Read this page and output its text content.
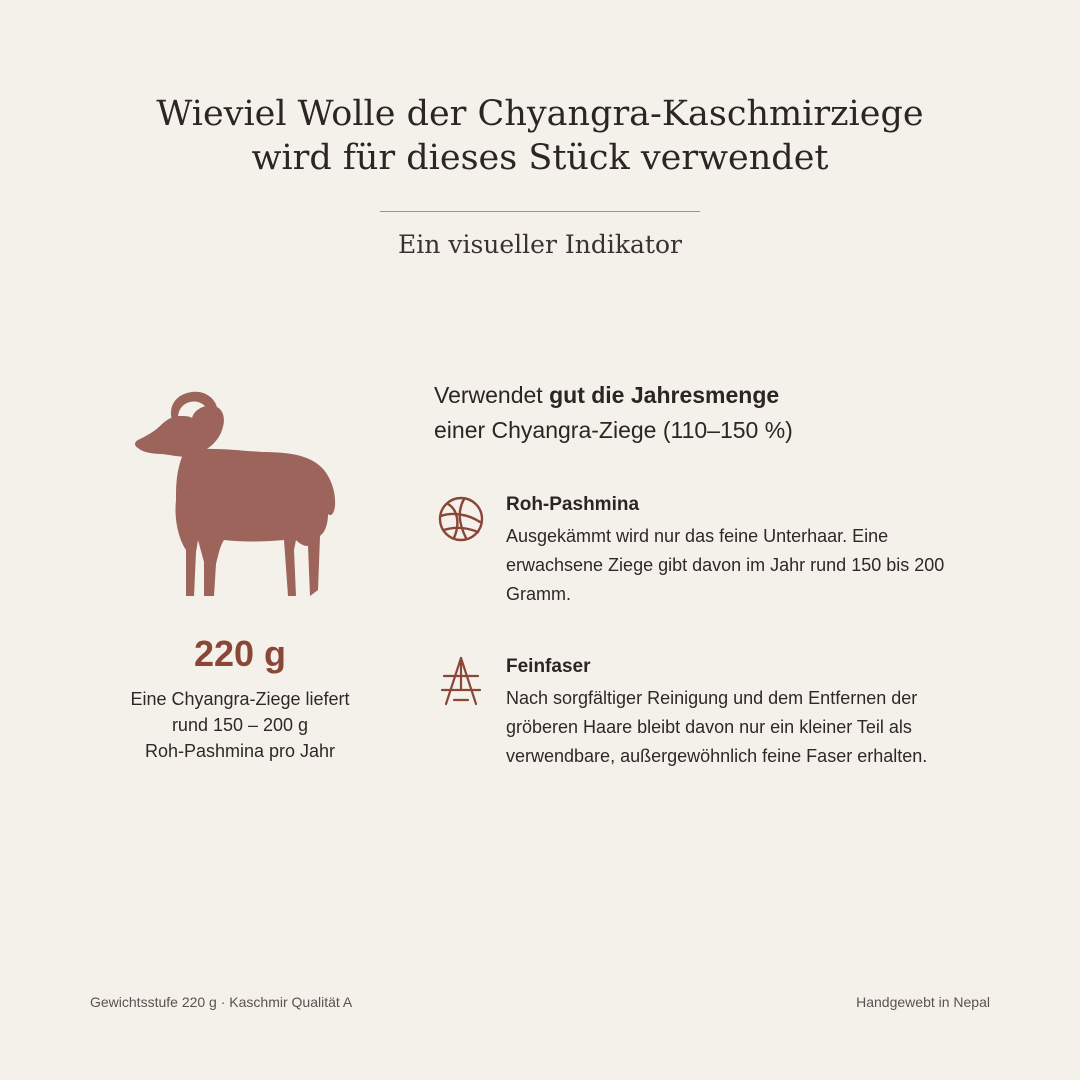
Wieviel Wolle der Chyangra-Kaschmirziege
wird für dieses Stück verwendet
Ein visueller Indikator
220 g
Eine Chyangra-Ziege liefert
rund 150 – 200 g
Roh-Pashmina pro Jahr
Verwendet gut die Jahresmenge
einer Chyangra-Ziege (110–150 %)
Roh-Pashmina
Ausgekämmt wird nur das feine Unterhaar. Eine
erwachsene Ziege gibt davon im Jahr rund 150 bis 200
Gramm.
Feinfaser
Nach sorgfältiger Reinigung und dem Entfernen der
gröberen Haare bleibt davon nur ein kleiner Teil als
verwendbare, außergewöhnlich feine Faser erhalten.
Gewichtsstufe 220 g · Kaschmir Qualität A	Handgewebt in Nepal
